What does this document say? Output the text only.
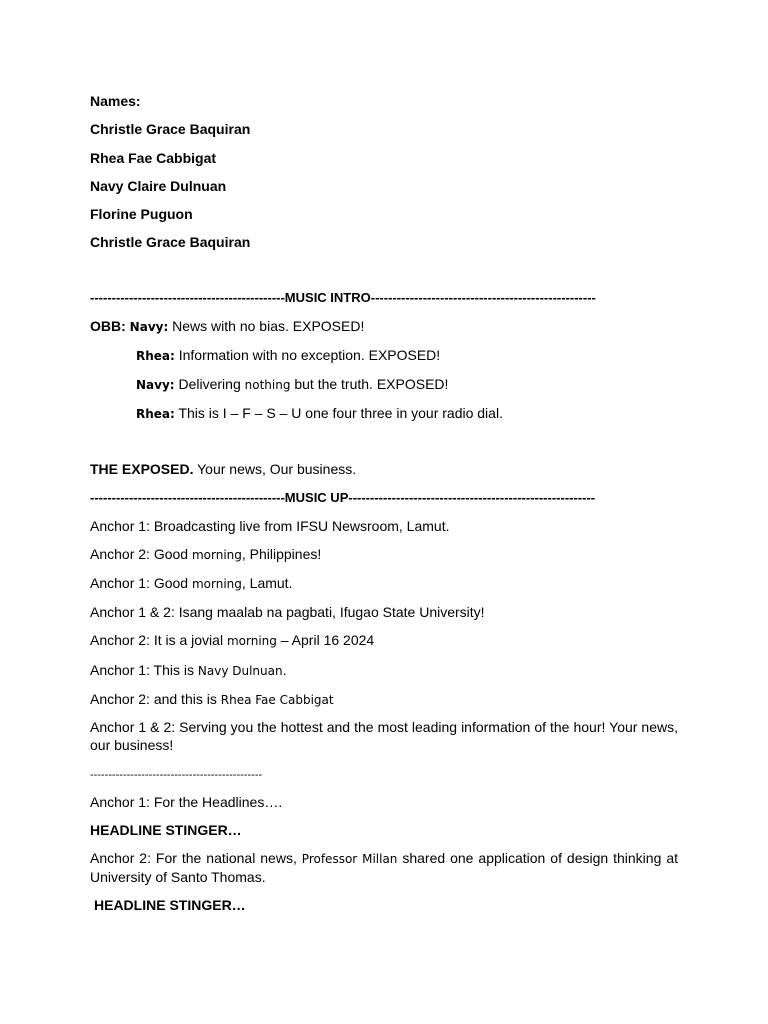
Names:
Christle Grace Baquiran
Rhea Fae Cabbigat
Navy Claire Dulnuan
Florine Puguon
Christle Grace Baquiran
---------------------------------------------MUSIC INTRO----------------------------------------------------
OBB: Navy: News with no bias. EXPOSED!
Rhea: Information with no exception. EXPOSED!
Navy: Delivering nothing but the truth. EXPOSED!
Rhea: This is I – F – S – U one four three in your radio dial.
THE EXPOSED. Your news, Our business.
---------------------------------------------MUSIC UP---------------------------------------------------------
Anchor 1: Broadcasting live from IFSU Newsroom, Lamut.
Anchor 2: Good morning, Philippines!
Anchor 1: Good morning, Lamut.
Anchor 1 & 2: Isang maalab na pagbati, Ifugao State University!
Anchor 2: It is a jovial morning – April 16 2024
Anchor 1: This is Navy Dulnuan.
Anchor 2: and this is Rhea Fae Cabbigat
Anchor 1 & 2: Serving you the hottest and the most leading information of the hour! Your news, our business!
-----------------------------------------------
Anchor 1: For the Headlines….
HEADLINE STINGER…
Anchor 2: For the national news, Professor Millan shared one application of design thinking at University of Santo Thomas.
HEADLINE STINGER…
